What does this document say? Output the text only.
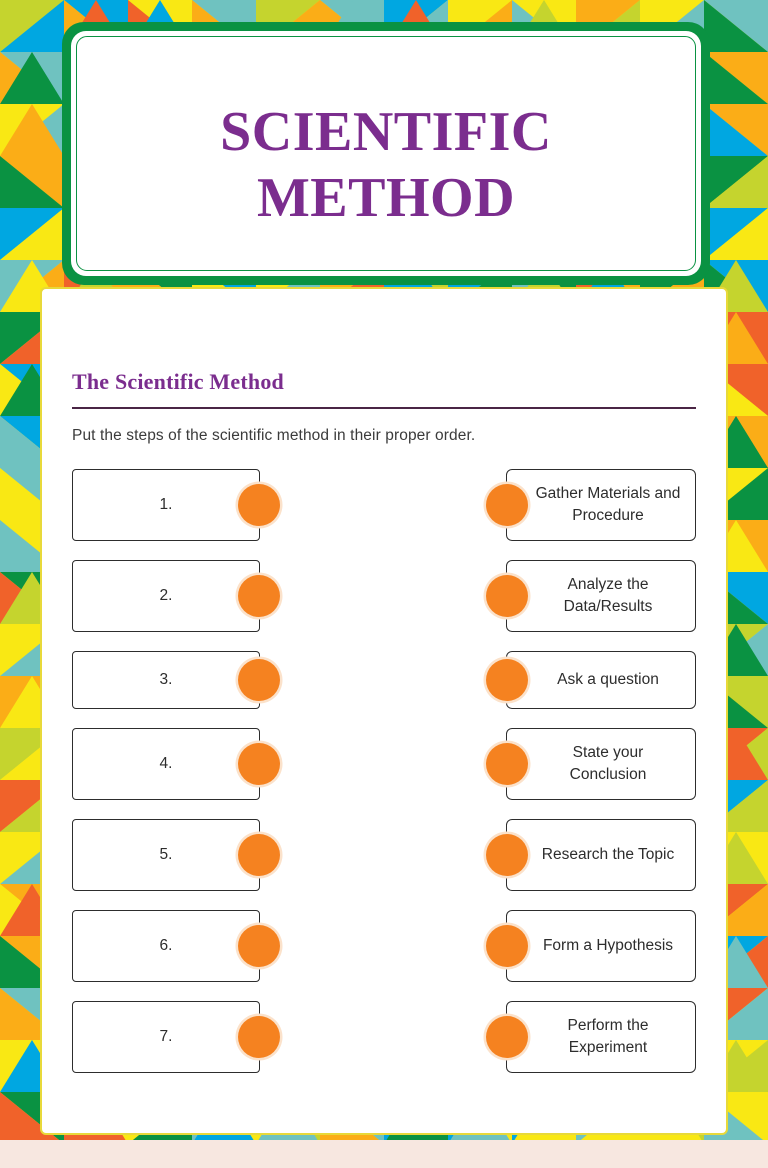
SCIENTIFIC METHOD
The Scientific Method

Put the steps of the scientific method in their proper order.

1.
Gather Materials and Procedure
2.
Analyze the Data/Results
3.	Ask a question
4.
State your Conclusion
5.	Research the Topic
6.	Form a Hypothesis
7.
Perform the Experiment
